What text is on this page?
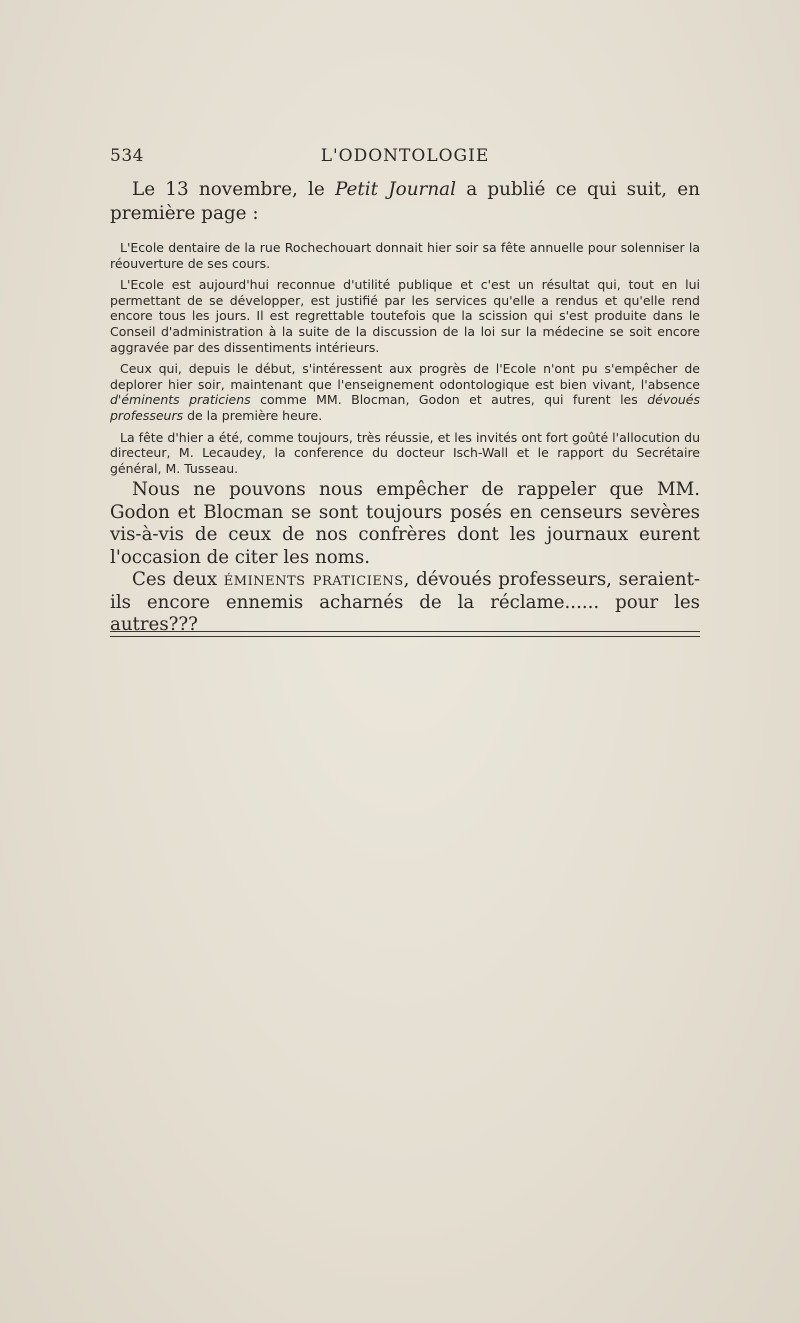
534	L'ODONTOLOGIE
Le 13 novembre, le Petit Journal a publié ce qui suit, en première page :

L'Ecole dentaire de la rue Rochechouart donnait hier soir sa fête annuelle pour solenniser la réouverture de ses cours.

L'Ecole est aujourd'hui reconnue d'utilité publique et c'est un résultat qui, tout en lui permettant de se développer, est justifié par les services qu'elle a rendus et qu'elle rend encore tous les jours. Il est regrettable toutefois que la scission qui s'est produite dans le Conseil d'administration à la suite de la discussion de la loi sur la médecine se soit encore aggravée par des dissentiments intérieurs.

Ceux qui, depuis le début, s'intéressent aux progrès de l'Ecole n'ont pu s'empêcher de deplorer hier soir, maintenant que l'enseignement odontologique est bien vivant, l'absence d'éminents praticiens comme MM. Blocman, Godon et autres, qui furent les dévoués professeurs de la première heure.

La fête d'hier a été, comme toujours, très réussie, et les invités ont fort goûté l'allocution du directeur, M. Lecaudey, la conference du docteur Isch-Wall et le rapport du Secrétaire général, M. Tusseau.

Nous ne pouvons nous empêcher de rappeler que MM. Godon et Blocman se sont toujours posés en censeurs sevères vis-à-vis de ceux de nos confrères dont les journaux eurent l'occasion de citer les noms.

Ces deux éminents praticiens, dévoués professeurs, seraient-ils encore ennemis acharnés de la réclame...... pour les autres???
